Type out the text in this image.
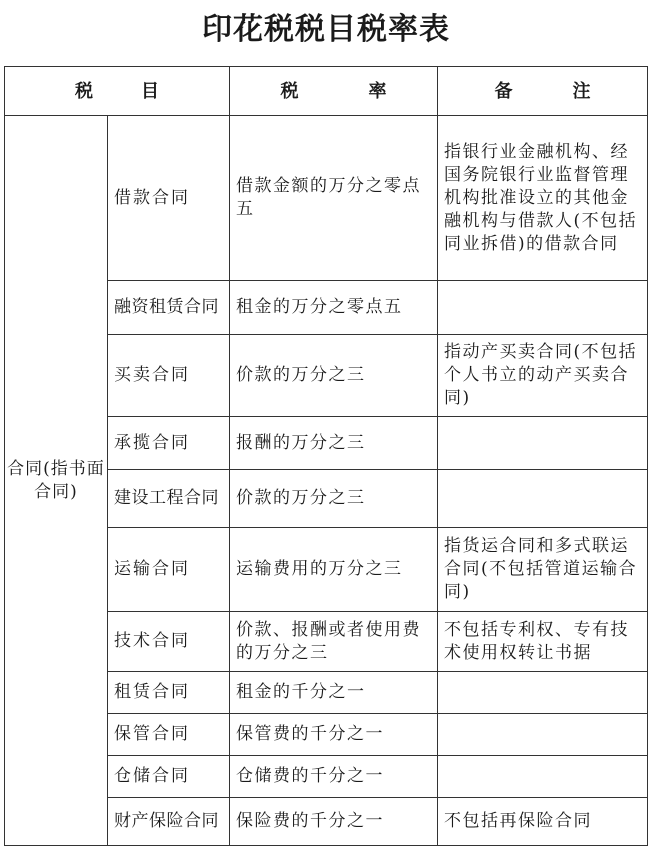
印花税税目税率表
税 目		税 率	备 注
合同(指书面合同)	借款合同	借款金额的万分之零点五	指银行业金融机构、经国务院银行业监督管理机构批准设立的其他金融机构与借款人(不包括同业拆借)的借款合同
	融资租赁合同	租金的万分之零点五	
	买卖合同	价款的万分之三	指动产买卖合同(不包括个人书立的动产买卖合同)
	承揽合同	报酬的万分之三	
	建设工程合同	价款的万分之三	
	运输合同	运输费用的万分之三	指货运合同和多式联运合同(不包括管道运输合同)
	技术合同	价款、报酬或者使用费的万分之三	不包括专利权、专有技术使用权转让书据
	租赁合同	租金的千分之一	
	保管合同	保管费的千分之一	
	仓储合同	仓储费的千分之一	
	财产保险合同	保险费的千分之一	不包括再保险合同
